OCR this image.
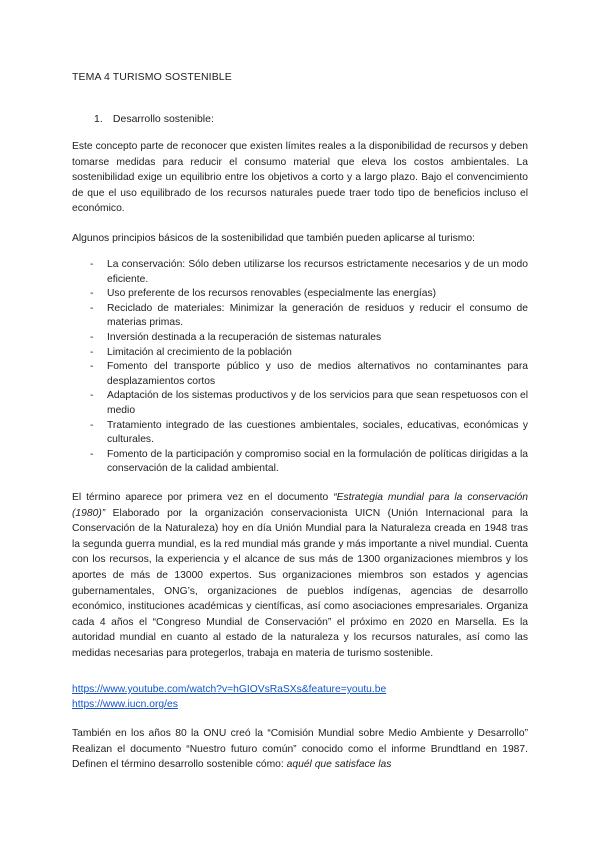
TEMA 4 TURISMO SOSTENIBLE
1. Desarrollo sostenible:

Este concepto parte de reconocer que existen límites reales a la disponibilidad de recursos y deben tomarse medidas para reducir el consumo material que eleva los costos ambientales. La sostenibilidad exige un equilibrio entre los objetivos a corto y a largo plazo. Bajo el convencimiento de que el uso equilibrado de los recursos naturales puede traer todo tipo de beneficios incluso el económico.

Algunos principios básicos de la sostenibilidad que también pueden aplicarse al turismo:

- La conservación: Sólo deben utilizarse los recursos estrictamente necesarios y de un modo eficiente.
- Uso preferente de los recursos renovables (especialmente las energías)
- Reciclado de materiales: Minimizar la generación de residuos y reducir el consumo de materias primas.
- Inversión destinada a la recuperación de sistemas naturales
- Limitación al crecimiento de la población
- Fomento del transporte público y uso de medios alternativos no contaminantes para desplazamientos cortos
- Adaptación de los sistemas productivos y de los servicios para que sean respetuosos con el medio
- Tratamiento integrado de las cuestiones ambientales, sociales, educativas, económicas y culturales.
- Fomento de la participación y compromiso social en la formulación de políticas dirigidas a la conservación de la calidad ambiental.

El término aparece por primera vez en el documento “Estrategia mundial para la conservación (1980)” Elaborado por la organización conservacionista UICN (Unión Internacional para la Conservación de la Naturaleza) hoy en día Unión Mundial para la Naturaleza creada en 1948 tras la segunda guerra mundial, es la red mundial más grande y más importante a nivel mundial. Cuenta con los recursos, la experiencia y el alcance de sus más de 1300 organizaciones miembros y los aportes de más de 13000 expertos. Sus organizaciones miembros son estados y agencias gubernamentales, ONG’s, organizaciones de pueblos indígenas, agencias de desarrollo económico, instituciones académicas y científicas, así como asociaciones empresariales. Organiza cada 4 años el “Congreso Mundial de Conservación” el próximo en 2020 en Marsella. Es la autoridad mundial en cuanto al estado de la naturaleza y los recursos naturales, así como las medidas necesarias para protegerlos, trabaja en materia de turismo sostenible.

https://www.youtube.com/watch?v=hGIOVsRaSXs&feature=youtu.be
https://www.iucn.org/es

También en los años 80 la ONU creó la “Comisión Mundial sobre Medio Ambiente y Desarrollo” Realizan el documento “Nuestro futuro común” conocido como el informe Brundtland en 1987. Definen el término desarrollo sostenible cómo: aquél que satisface las
